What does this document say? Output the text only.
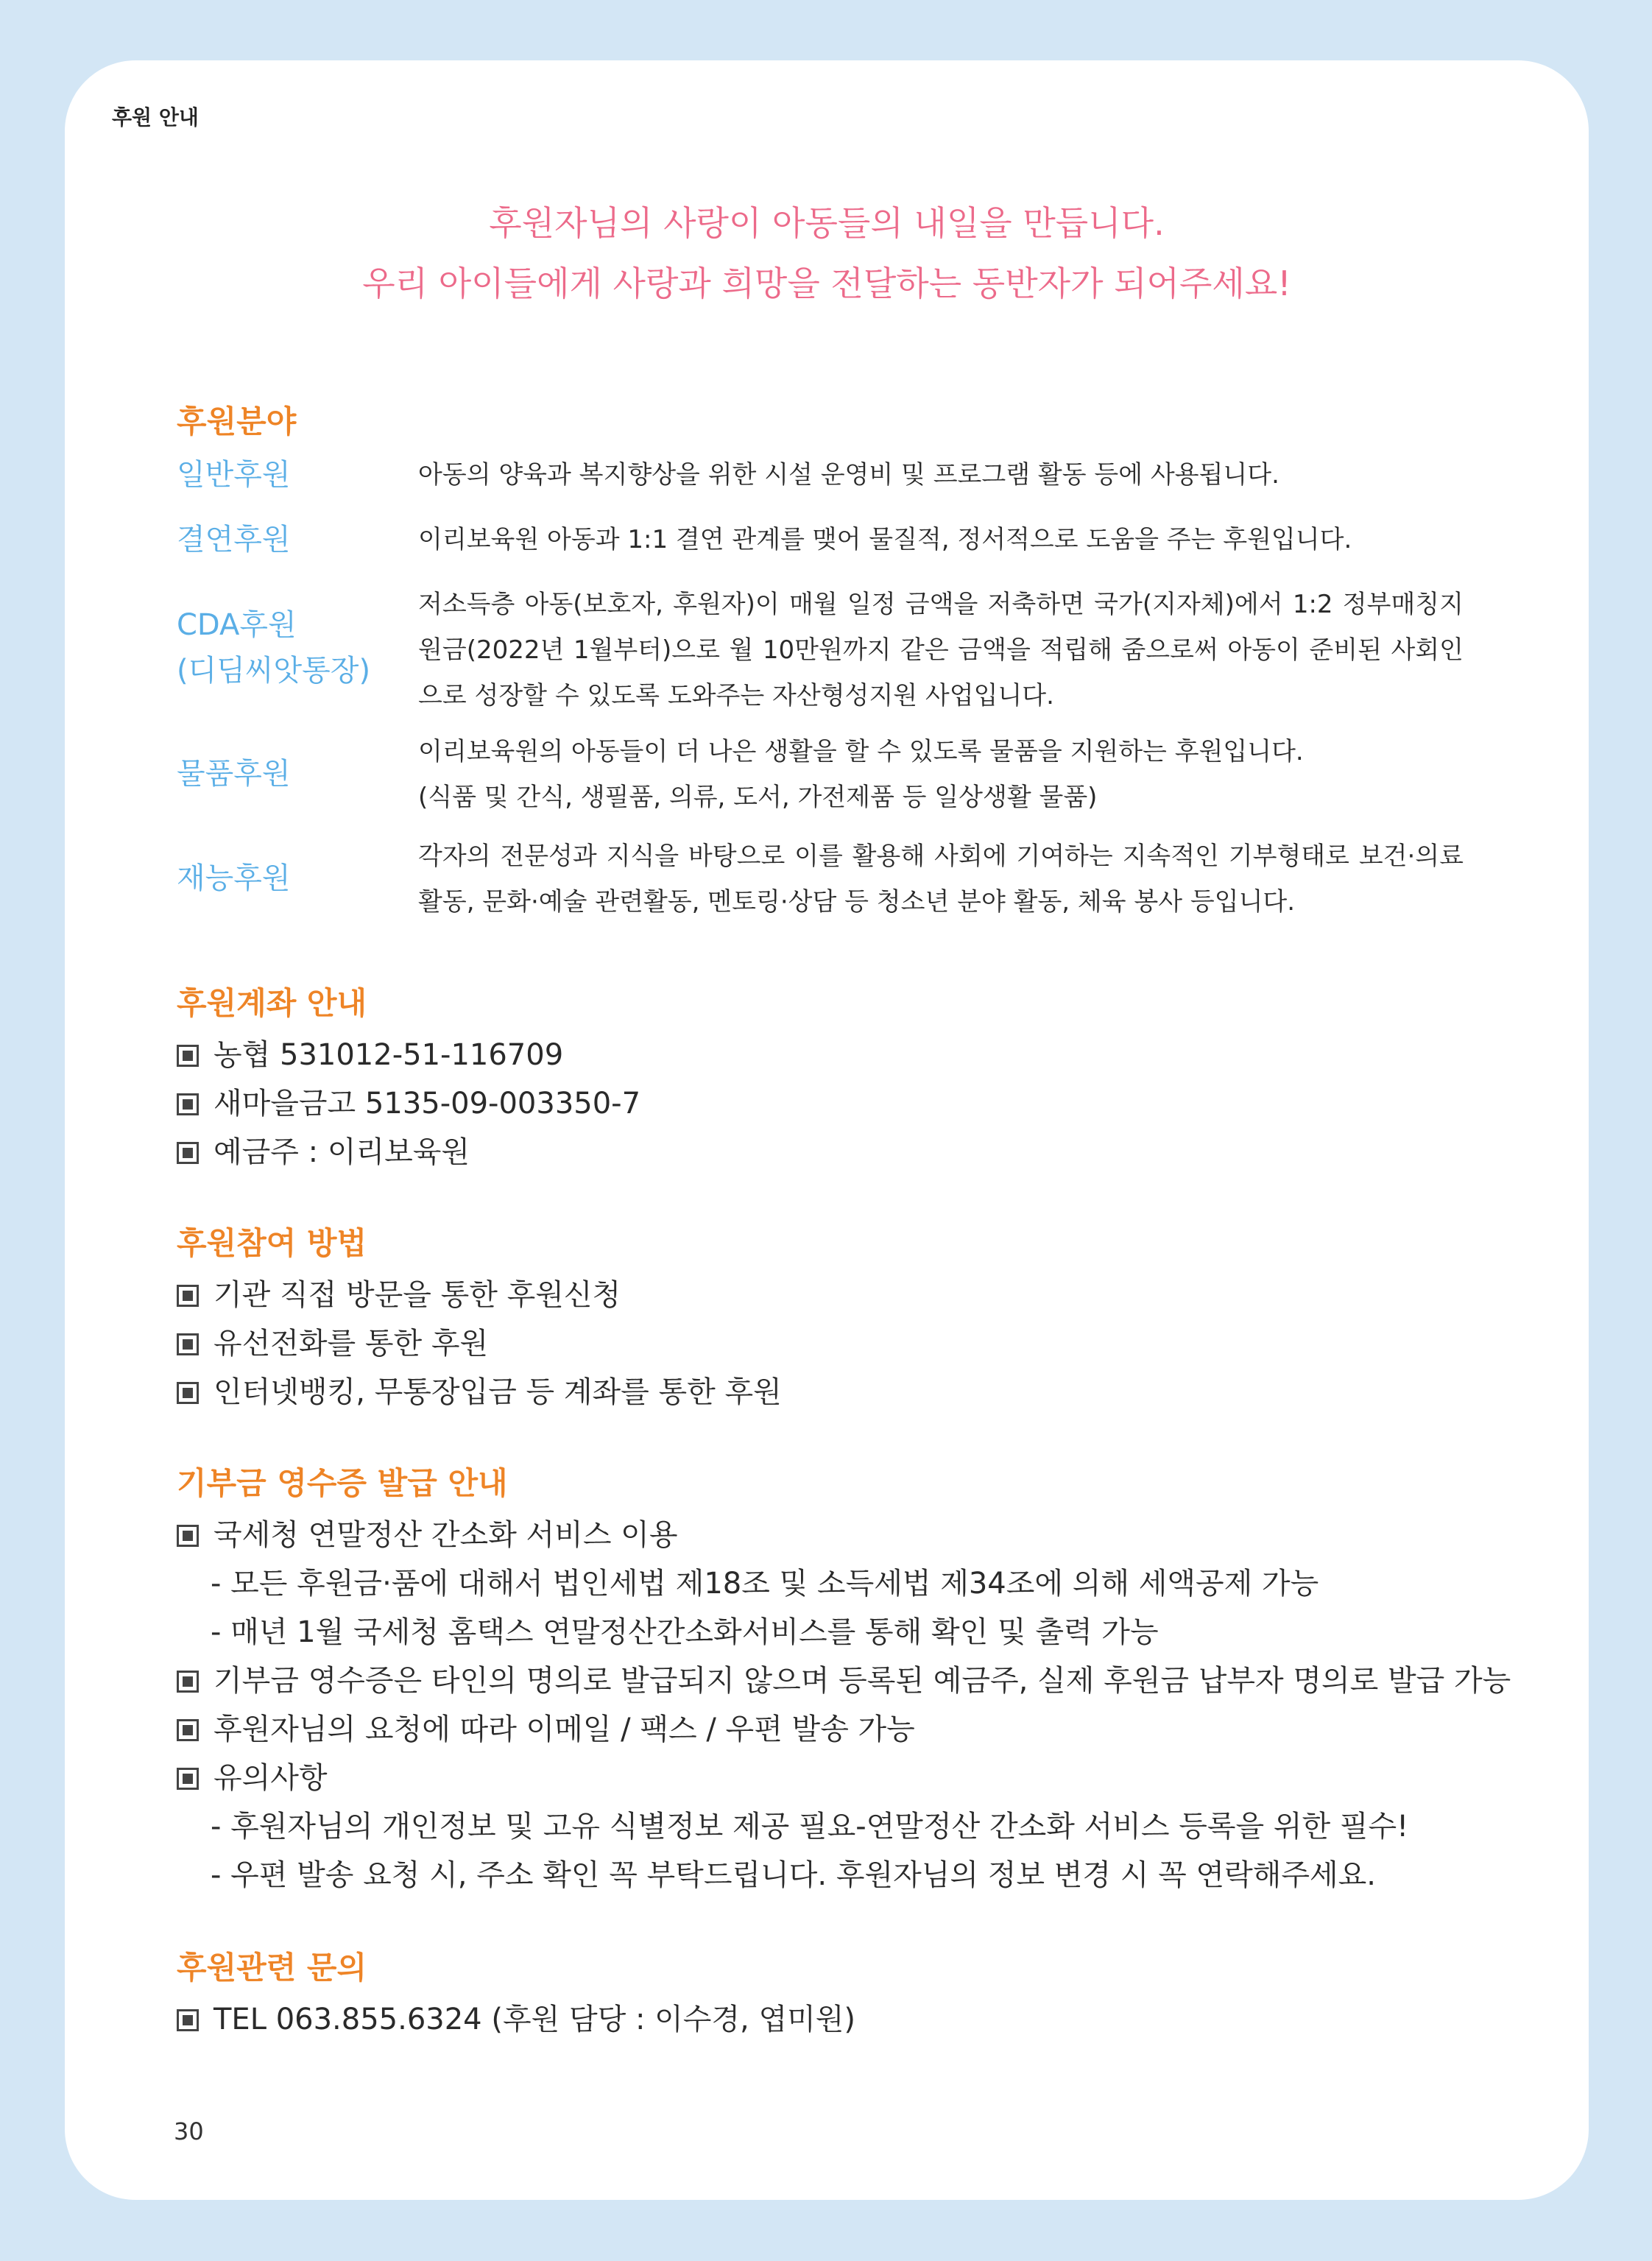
후원 안내
후원자님의 사랑이 아동들의 내일을 만듭니다.
우리 아이들에게 사랑과 희망을 전달하는 동반자가 되어주세요!
후원분야
일반후원	아동의 양육과 복지향상을 위한 시설 운영비 및 프로그램 활동 등에 사용됩니다.
결연후원	이리보육원 아동과 1:1 결연 관계를 맺어 물질적, 정서적으로 도움을 주는 후원입니다.
CDA후원
(디딤씨앗통장)
저소득층 아동(보호자, 후원자)이 매월 일정 금액을 저축하면 국가(지자체)에서 1:2 정부매칭지원금(2022년 1월부터)으로 월 10만원까지 같은 금액을 적립해 줌으로써 아동이 준비된 사회인으로 성장할 수 있도록 도와주는 자산형성지원 사업입니다.
물품후원
이리보육원의 아동들이 더 나은 생활을 할 수 있도록 물품을 지원하는 후원입니다.
(식품 및 간식, 생필품, 의류, 도서, 가전제품 등 일상생활 물품)
재능후원
각자의 전문성과 지식을 바탕으로 이를 활용해 사회에 기여하는 지속적인 기부형태로 보건·의료 활동, 문화·예술 관련활동, 멘토링·상담 등 청소년 분야 활동, 체육 봉사 등입니다.
후원계좌 안내
농협 531012-51-116709
새마을금고 5135-09-003350-7
예금주 : 이리보육원
후원참여 방법
기관 직접 방문을 통한 후원신청
유선전화를 통한 후원
인터넷뱅킹, 무통장입금 등 계좌를 통한 후원
기부금 영수증 발급 안내
국세청 연말정산 간소화 서비스 이용
- 모든 후원금·품에 대해서 법인세법 제18조 및 소득세법 제34조에 의해 세액공제 가능
- 매년 1월 국세청 홈택스 연말정산간소화서비스를 통해 확인 및 출력 가능
기부금 영수증은 타인의 명의로 발급되지 않으며 등록된 예금주, 실제 후원금 납부자 명의로 발급 가능
후원자님의 요청에 따라 이메일 / 팩스 / 우편 발송 가능
유의사항
- 후원자님의 개인정보 및 고유 식별정보 제공 필요-연말정산 간소화 서비스 등록을 위한 필수!
- 우편 발송 요청 시, 주소 확인 꼭 부탁드립니다. 후원자님의 정보 변경 시 꼭 연락해주세요.
후원관련 문의
TEL 063.855.6324 (후원 담당 : 이수경, 엽미원)
30
